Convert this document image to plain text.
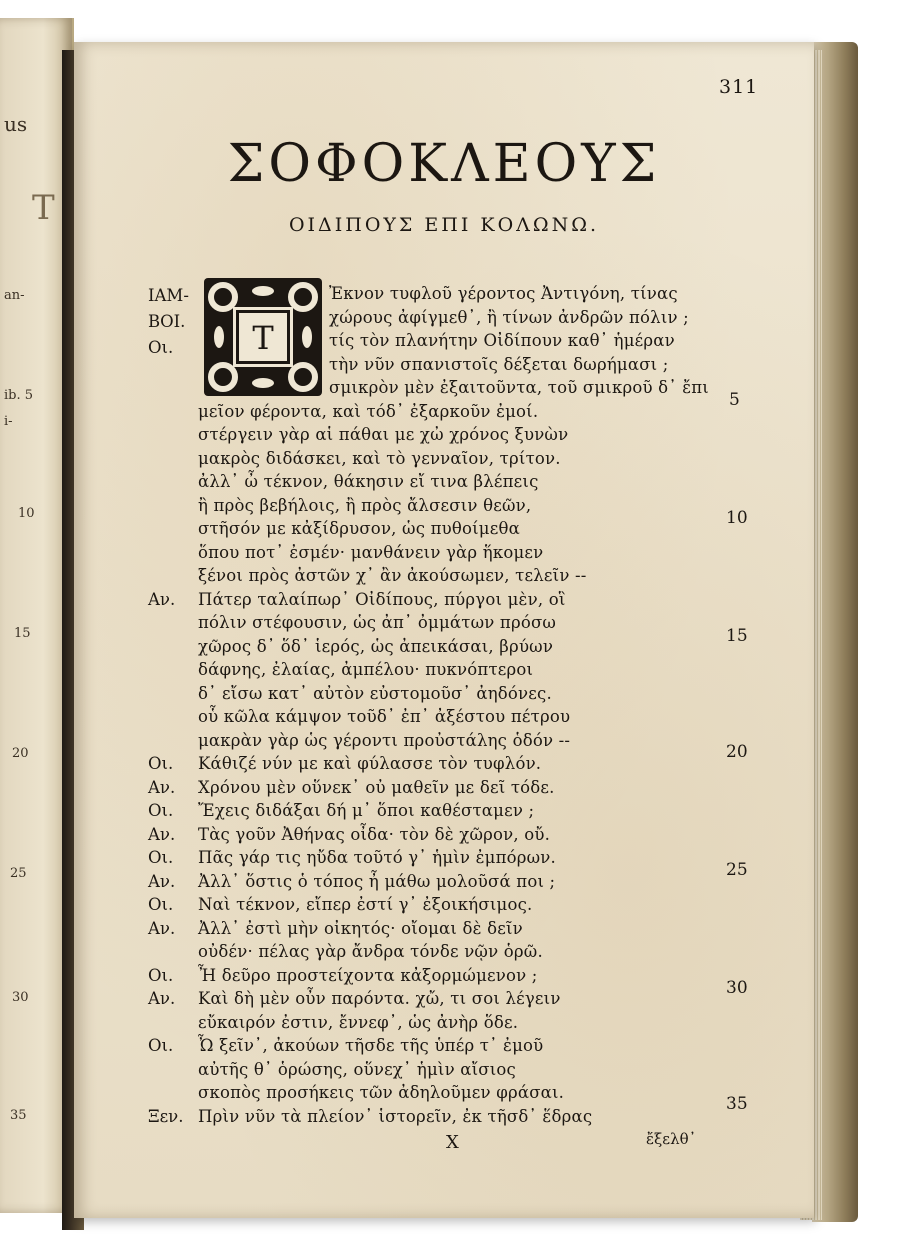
us
T
an-
ib. 5
i-
10
15
20
25
30
35
311
ΣΟΦΟΚΛΕΟΥΣ
ΟΙΔΙΠΟΥΣ ΕΠΙ ΚΟΛΩΝΩ.
ΙΑΜ-
ΒΟΙ.
Οι.	T
Ἐκνον τυφλοῦ γέροντος Ἀντιγόνη, τίνας
χώρους ἀφίγμεθ᾽, ἢ τίνων ἀνδρῶν πόλιν ;
τίς τὸν πλανήτην Οἰδίπουν καθ᾽ ἡμέραν
τὴν νῦν σπανιστοῖς δέξεται δωρήμασι ;
σμικρὸν μὲν ἐξαιτοῦντα, τοῦ σμικροῦ δ᾽ ἔπι
μεῖον φέροντα, καὶ τόδ᾽ ἐξαρκοῦν ἐμοί.
στέργειν γὰρ αἱ πάθαι με χὠ χρόνος ξυνὼν
μακρὸς διδάσκει, καὶ τὸ γενναῖον, τρίτον.
ἀλλ᾽ ὦ τέκνον, θάκησιν εἴ τινα βλέπεις
ἢ πρὸς βεβήλοις, ἢ πρὸς ἄλσεσιν θεῶν,
στῆσόν με κἀξίδρυσον, ὡς πυθοίμεθα
ὅπου ποτ᾽ ἐσμέν· μανθάνειν γὰρ ἥκομεν
ξένοι πρὸς ἀστῶν χ᾽ ἂν ἀκούσωμεν, τελεῖν --
Αν. Πάτερ ταλαίπωρ᾽ Οἰδίπους, πύργοι μὲν, οἳ
πόλιν στέφουσιν, ὡς ἀπ᾽ ὀμμάτων πρόσω
χῶρος δ᾽ ὅδ᾽ ἱερός, ὡς ἀπεικάσαι, βρύων
δάφνης, ἐλαίας, ἀμπέλου· πυκνόπτεροι
δ᾽ εἴσω κατ᾽ αὐτὸν εὐστομοῦσ᾽ ἀηδόνες.
οὗ κῶλα κάμψον τοῦδ᾽ ἐπ᾽ ἀξέστου πέτρου
μακρὰν γὰρ ὡς γέροντι προὐστάλης ὁδόν --
Οι. Κάθιζέ νύν με καὶ φύλασσε τὸν τυφλόν.
Αν. Χρόνου μὲν οὕνεκ᾽ οὐ μαθεῖν με δεῖ τόδε.
Οι. Ἔχεις διδάξαι δή μ᾽ ὅποι καθέσταμεν ;
Αν. Τὰς γοῦν Ἀθήνας οἶδα· τὸν δὲ χῶρον, οὔ.
Οι. Πᾶς γάρ τις ηὔδα τοῦτό γ᾽ ἡμὶν ἐμπόρων.
Αν. Ἀλλ᾽ ὅστις ὁ τόπος ἦ μάθω μολοῦσά ποι ;
Οι. Ναὶ τέκνον, εἴπερ ἐστί γ᾽ ἐξοικήσιμος.
Αν. Ἀλλ᾽ ἐστὶ μὴν οἰκητός· οἴομαι δὲ δεῖν
οὐδέν· πέλας γὰρ ἄνδρα τόνδε νῷν ὁρῶ.
Οι. Ἦ δεῦρο προστείχοντα κἀξορμώμενον ;
Αν. Καὶ δὴ μὲν οὖν παρόντα. χὤ, τι σοι λέγειν
εὔκαιρόν ἐστιν, ἔννεφ᾽, ὡς ἀνὴρ ὅδε.
Οι. Ὦ ξεῖν᾽, ἀκούων τῆσδε τῆς ὑπέρ τ᾽ ἐμοῦ
αὐτῆς θ᾽ ὁρώσης, οὕνεχ᾽ ἡμὶν αἴσιος
σκοπὸς προσήκεις τῶν ἀδηλοῦμεν φράσαι.
Ξεν. Πρὶν νῦν τὰ πλείον᾽ ἱστορεῖν, ἐκ τῆσδ᾽ ἕδρας
5
10
15
20
25
30
35
X	ἔξελθ᾽
